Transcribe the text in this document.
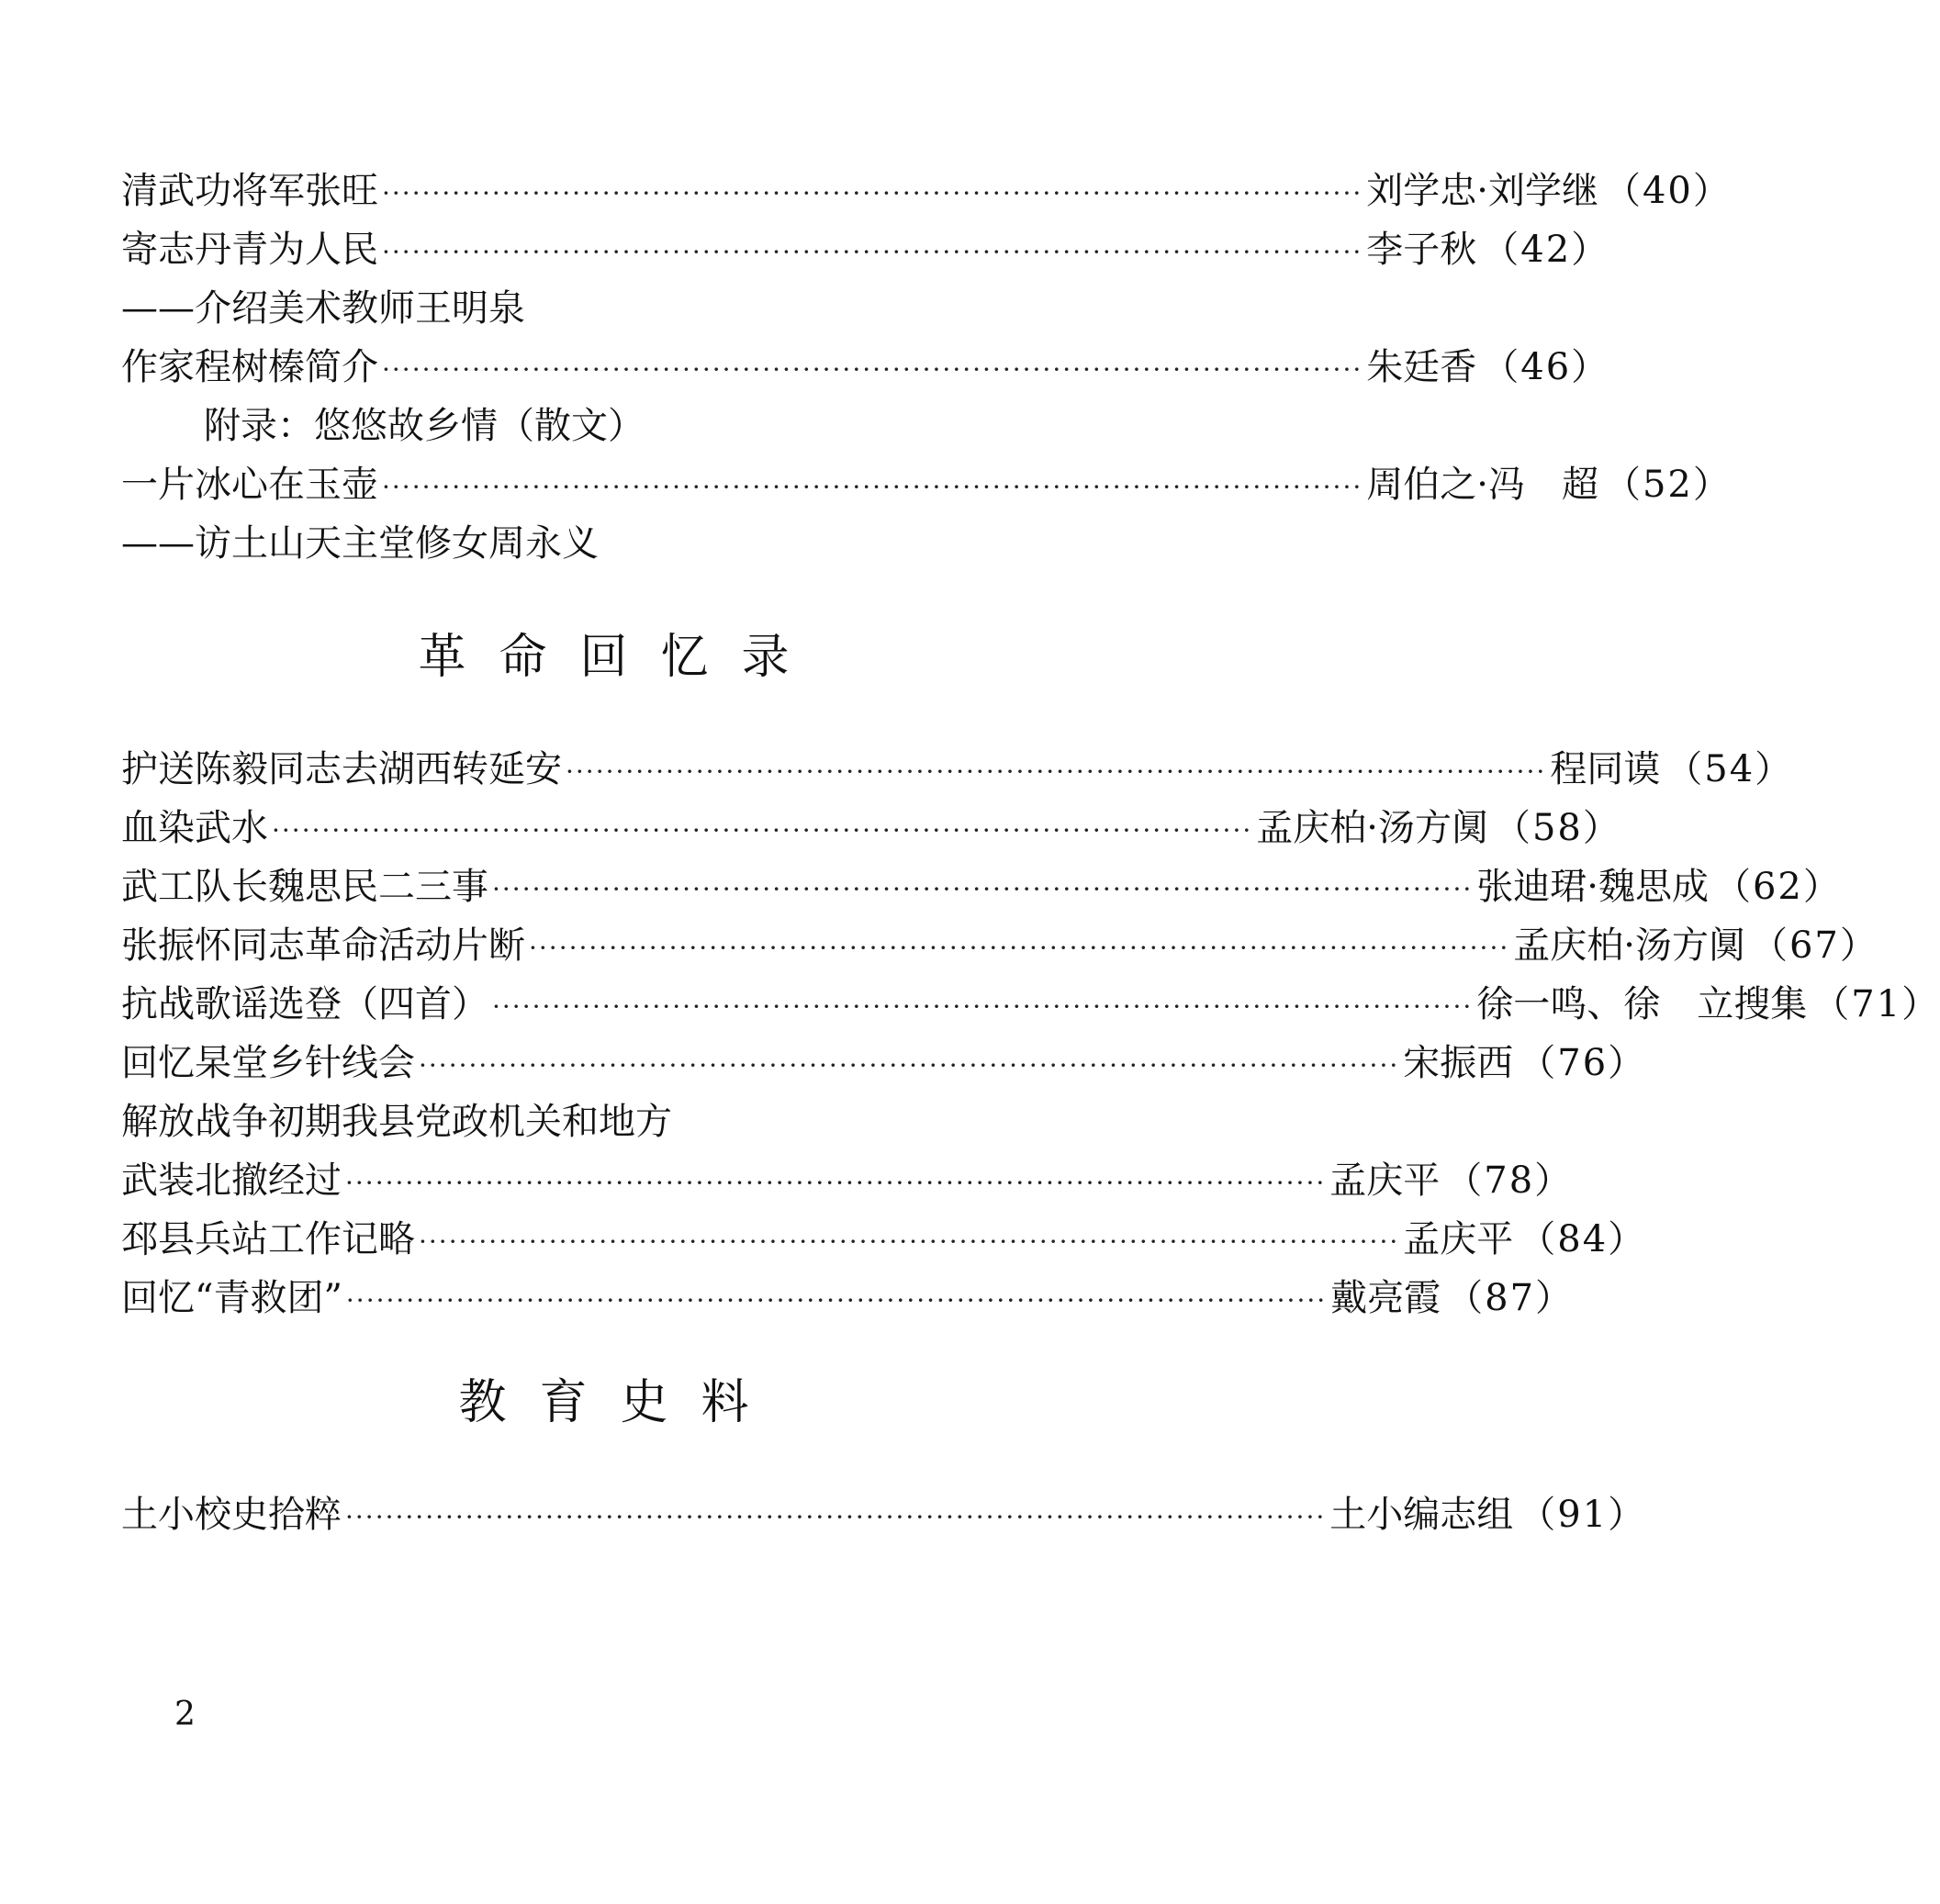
清武功将军张旺 ·································································································· 刘学忠·刘学继 （40）
寄志丹青为人民 ·································································································· 李子秋 （42）
——介绍美术教师王明泉
作家程树榛简介 ·································································································· 朱廷香 （46）
附录：悠悠故乡情（散文）
一片冰心在玉壶 ·································································································· 周伯之·冯　超 （52）
——访土山天主堂修女周永义
革命回忆录
护送陈毅同志去湖西转延安 ·································································································· 程同谟 （54）
血染武水 ·································································································· 孟庆柏·汤方阒 （58）
武工队长魏思民二三事 ·································································································· 张迪珺·魏思成 （62）
张振怀同志革命活动片断 ·································································································· 孟庆柏·汤方阒 （67）
抗战歌谣选登（四首） ·································································································· 徐一鸣、徐　立搜集 （71）
回忆杲堂乡针线会 ·································································································· 宋振西 （76）
解放战争初期我县党政机关和地方
武装北撤经过 ·································································································· 孟庆平 （78）
邳县兵站工作记略 ·································································································· 孟庆平 （84）
回忆“青救团” ·································································································· 戴亮霞 （87）
教育史料
土小校史拾粹 ·································································································· 土小编志组 （91）
2
